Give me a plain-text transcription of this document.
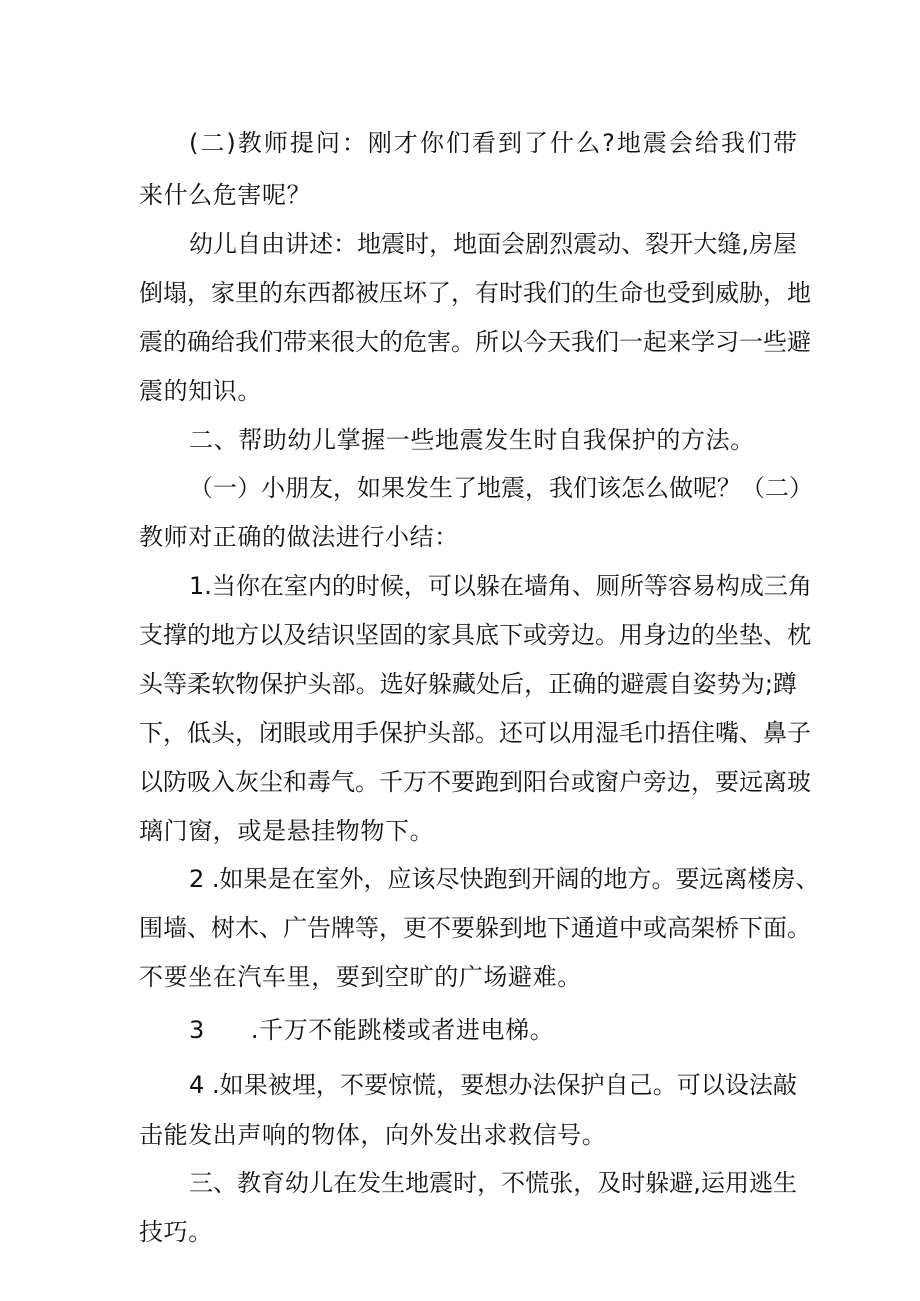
(二)教师提问：刚才你们看到了什么?地震会给我们带
来什么危害呢？
幼儿自由讲述：地震时，地面会剧烈震动、裂开大缝,房屋
倒塌，家里的东西都被压坏了，有时我们的生命也受到威胁，地
震的确给我们带来很大的危害。所以今天我们一起来学习一些避
震的知识。
二、帮助幼儿掌握一些地震发生时自我保护的方法。
（一）小朋友，如果发生了地震，我们该怎么做呢？（二）
教师对正确的做法进行小结：
1.当你在室内的时候，可以躲在墙角、厕所等容易构成三角
支撑的地方以及结识坚固的家具底下或旁边。用身边的坐垫、枕
头等柔软物保护头部。选好躲藏处后，正确的避震自姿势为;蹲
下，低头，闭眼或用手保护头部。还可以用湿毛巾捂住嘴、鼻子
以防吸入灰尘和毒气。千万不要跑到阳台或窗户旁边，要远离玻
璃门窗，或是悬挂物物下。
2 .如果是在室外，应该尽快跑到开阔的地方。要远离楼房、
围墙、树木、广告牌等，更不要躲到地下通道中或高架桥下面。
不要坐在汽车里，要到空旷的广场避难。
3 .千万不能跳楼或者进电梯。
4 .如果被埋，不要惊慌，要想办法保护自己。可以设法敲
击能发出声响的物体，向外发出求救信号。
三、教育幼儿在发生地震时，不慌张，及时躲避,运用逃生
技巧。
